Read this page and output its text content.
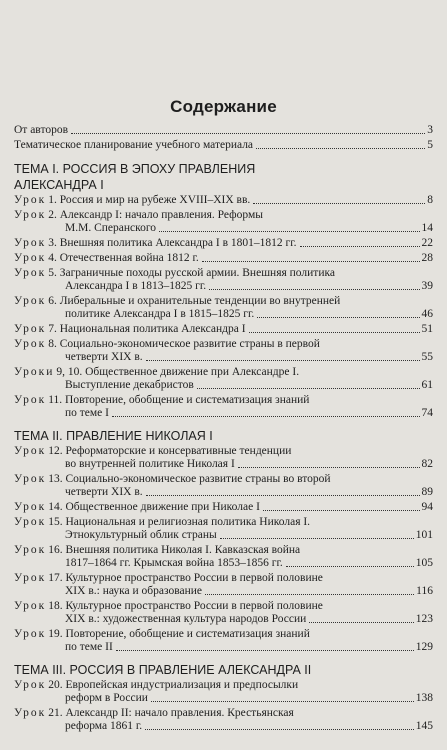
Содержание
От авторов	3
Тематическое планирование учебного материала	5
ТЕМА I. РОССИЯ В ЭПОХУ ПРАВЛЕНИЯ
АЛЕКСАНДРА I
Урок 1. Россия и мир на рубеже XVIII–XIX вв.	8
Урок 2. Александр I: начало правления. Реформы
М.М. Сперанского	14
Урок 3. Внешняя политика Александра I в 1801–1812 гг.	22
Урок 4. Отечественная война 1812 г.	28
Урок 5. Заграничные походы русской армии. Внешняя политика
Александра I в 1813–1825 гг.	39
Урок 6. Либеральные и охранительные тенденции во внутренней
политике Александра I в 1815–1825 гг.	46
Урок 7. Национальная политика Александра I	51
Урок 8. Социально-экономическое развитие страны в первой
четверти XIX в.	55
Уроки 9, 10. Общественное движение при Александре I.
Выступление декабристов	61
Урок 11. Повторение, обобщение и систематизация знаний
по теме I	74
ТЕМА II. ПРАВЛЕНИЕ НИКОЛАЯ I
Урок 12. Реформаторские и консервативные тенденции
во внутренней политике Николая I	82
Урок 13. Социально-экономическое развитие страны во второй
четверти XIX в.	89
Урок 14. Общественное движение при Николае I	94
Урок 15. Национальная и религиозная политика Николая I.
Этнокультурный облик страны	101
Урок 16. Внешняя политика Николая I. Кавказская война
1817–1864 гг. Крымская война 1853–1856 гг.	105
Урок 17. Культурное пространство России в первой половине
XIX в.: наука и образование	116
Урок 18. Культурное пространство России в первой половине
XIX в.: художественная культура народов России	123
Урок 19. Повторение, обобщение и систематизация знаний
по теме II	129
ТЕМА III. РОССИЯ В ПРАВЛЕНИЕ АЛЕКСАНДРА II
Урок 20. Европейская индустриализация и предпосылки
реформ в России	138
Урок 21. Александр II: начало правления. Крестьянская
реформа 1861 г.	145
